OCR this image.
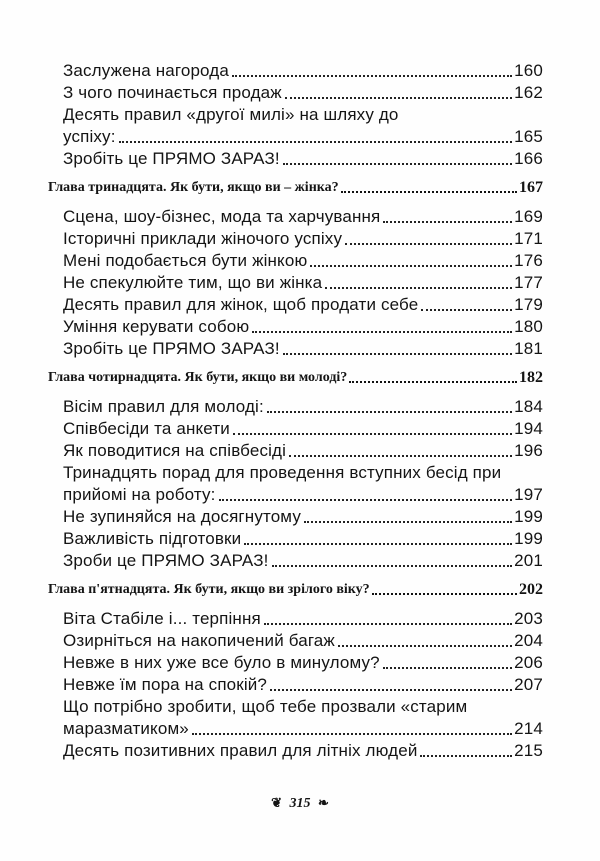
Заслужена нагорода	160
З чого починається продаж	162
Десять правил «другої милі» на шляху до
успіху:	165
Зробіть це ПРЯМО ЗАРАЗ!	166
Глава тринадцята. Як бути, якщо ви – жінка?	167
Сцена, шоу-бізнес, мода та харчування	169
Історичні приклади жіночого успіху	171
Мені подобається бути жінкою	176
Не спекулюйте тим, що ви жінка	177
Десять правил для жінок, щоб продати себе	179
Уміння керувати собою	180
Зробіть це ПРЯМО ЗАРАЗ!	181
Глава чотирнадцята. Як бути, якщо ви молоді?	182
Вісім правил для молоді:	184
Співбесіди та анкети	194
Як поводитися на співбесіді	196
Тринадцять порад для проведення вступних бесід при
прийомі на роботу:	197
Не зупиняйся на досягнутому	199
Важливість підготовки	199
Зроби це ПРЯМО ЗАРАЗ!	201
Глава п'ятнадцята. Як бути, якщо ви зрілого віку?	202
Віта Стабіле і... терпіння	203
Озирніться на накопичений багаж	204
Невже в них уже все було в минулому?	206
Невже їм пора на спокій?	207
Що потрібно зробити, щоб тебе прозвали «старим
маразматиком»	214
Десять позитивних правил для літніх людей	215
❦ 315 ❧
